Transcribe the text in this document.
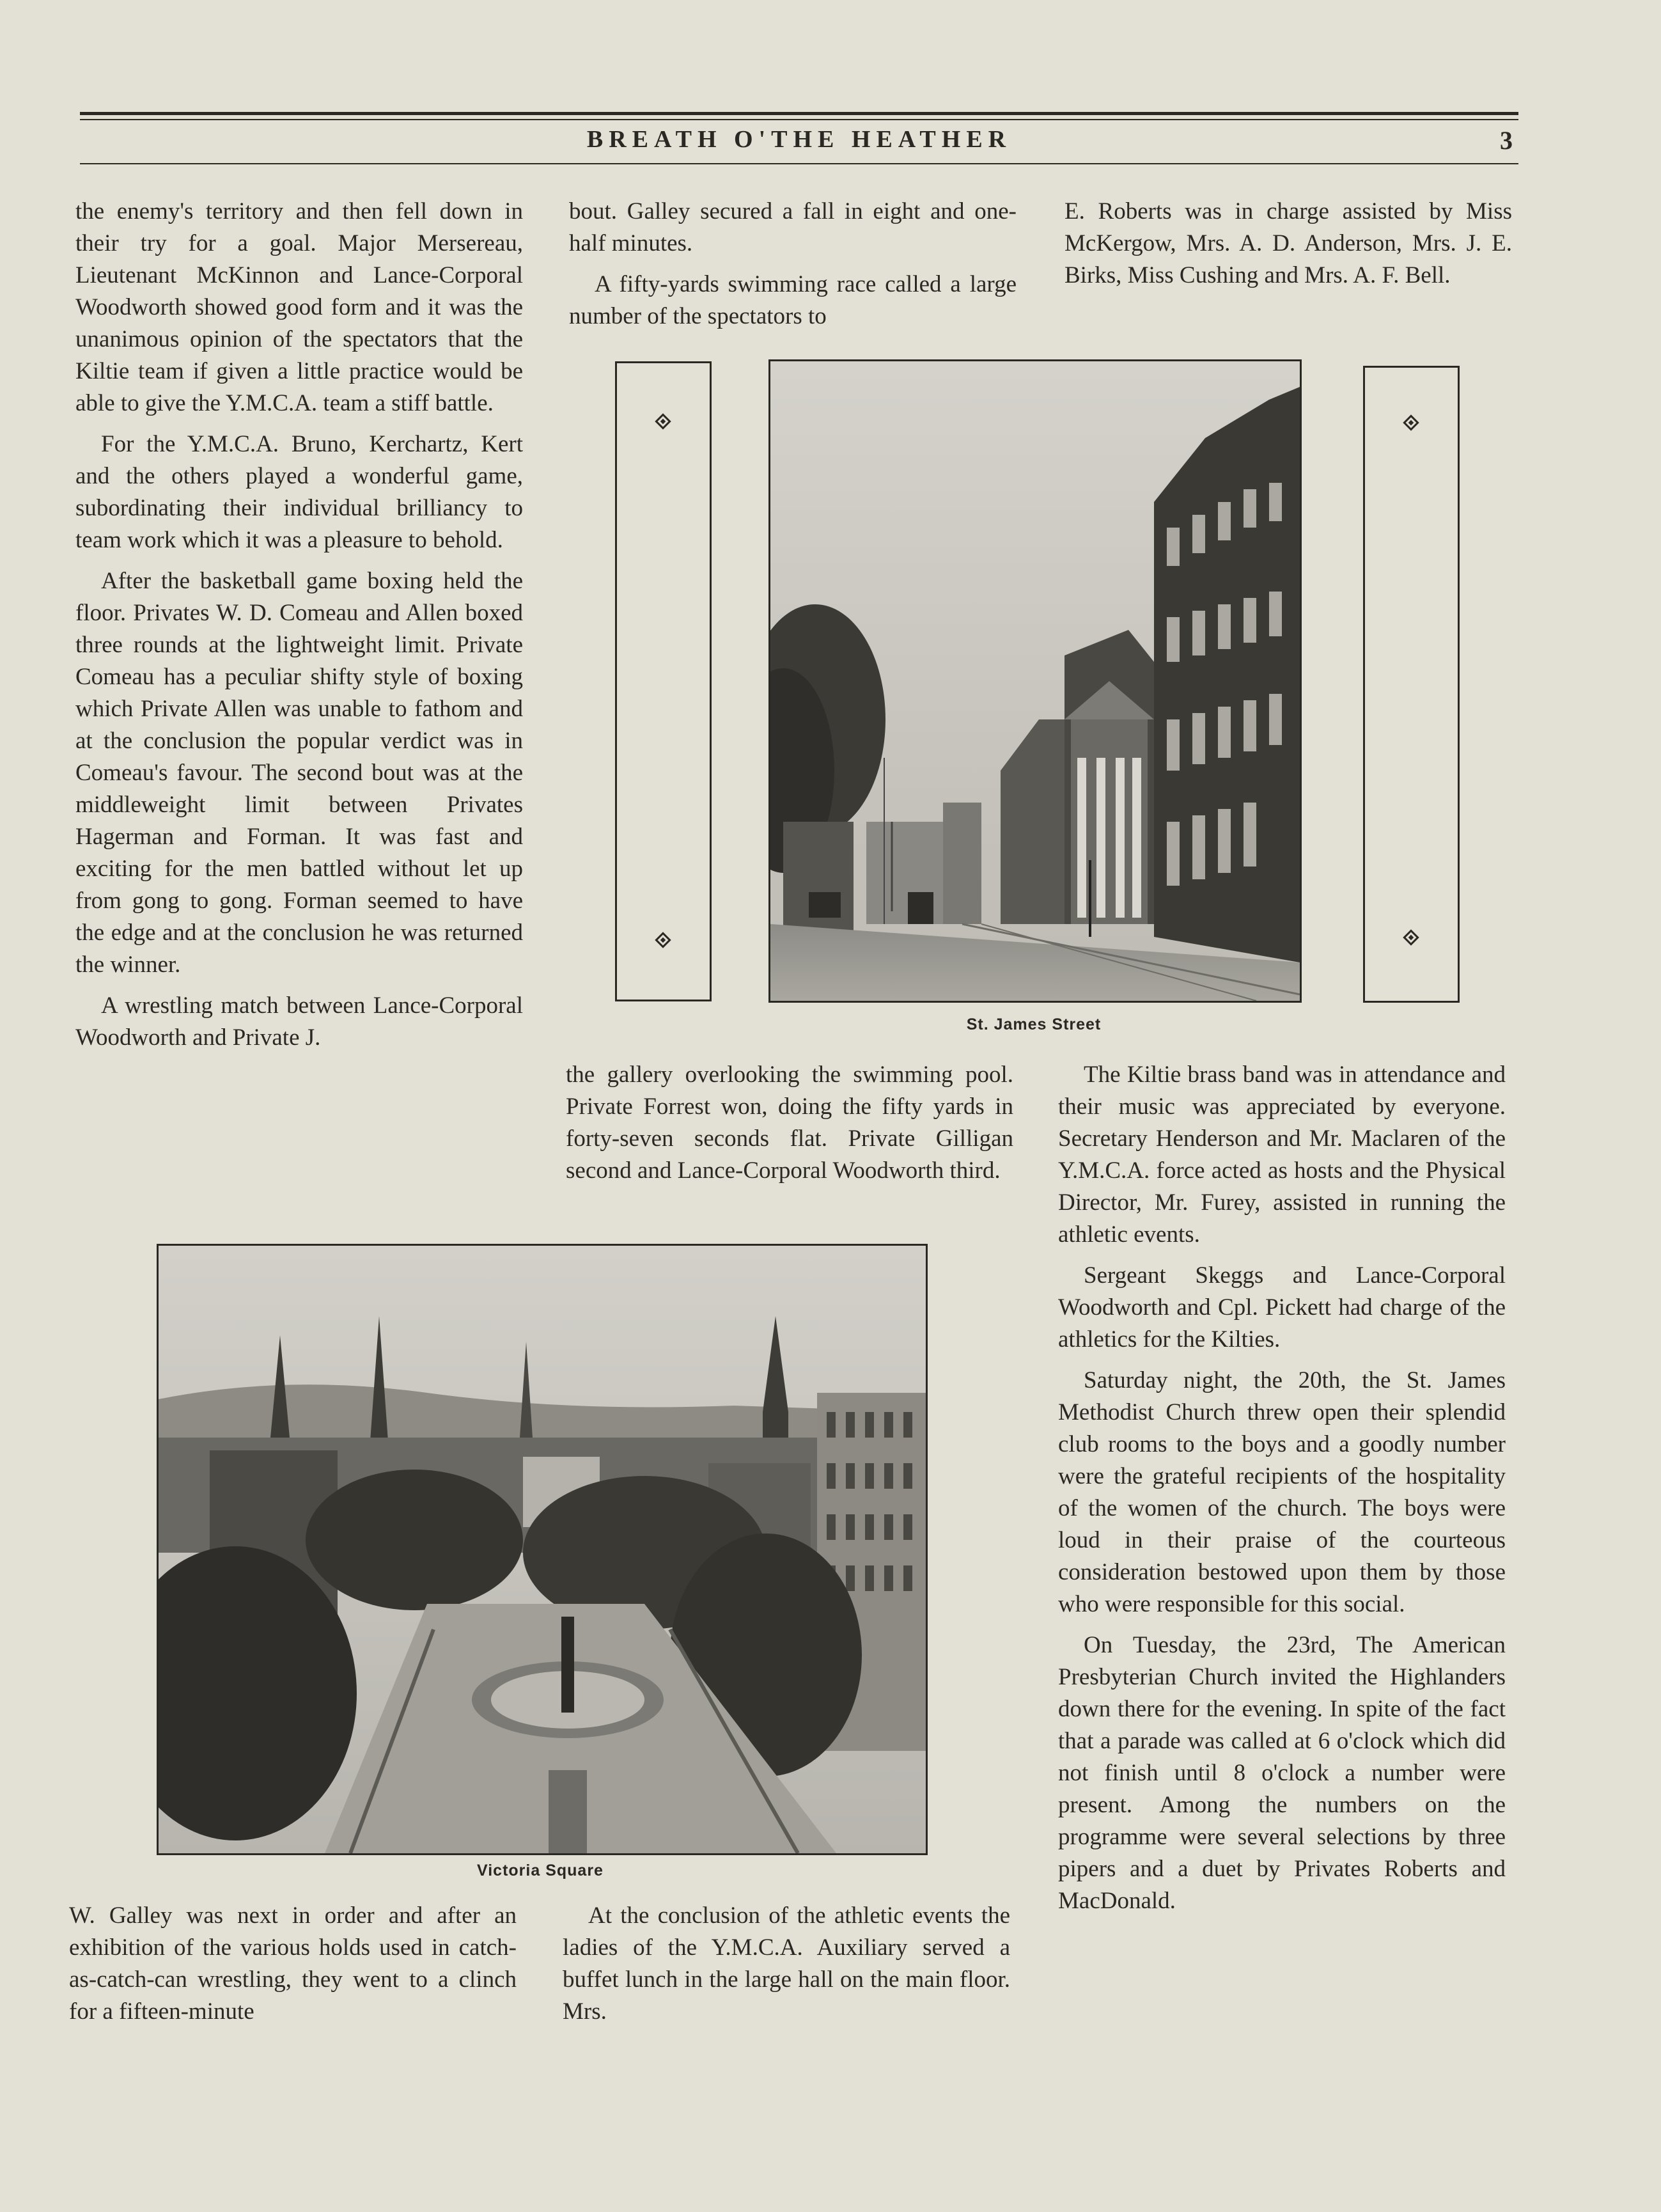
BREATH O'THE HEATHER	3

the enemy's territory and then fell down in their try for a goal. Major Mersereau, Lieutenant McKinnon and Lance-Corporal Woodworth showed good form and it was the unanimous opinion of the spectators that the Kiltie team if given a little practice would be able to give the Y.M.C.A. team a stiff battle.

For the Y.M.C.A. Bruno, Kerchartz, Kert and the others played a wonderful game, subordinating their individual brilliancy to team work which it was a pleasure to behold.

After the basketball game boxing held the floor. Privates W. D. Comeau and Allen boxed three rounds at the lightweight limit. Private Comeau has a peculiar shifty style of boxing which Private Allen was unable to fathom and at the conclusion the popular verdict was in Comeau's favour. The second bout was at the middleweight limit between Privates Hagerman and Forman. It was fast and exciting for the men battled without let up from gong to gong. Forman seemed to have the edge and at the conclusion he was returned the winner.

A wrestling match between Lance-Corporal Woodworth and Private J.

bout. Galley secured a fall in eight and one-half minutes.

A fifty-yards swimming race called a large number of the spectators to

E. Roberts was in charge assisted by Miss McKergow, Mrs. A. D. Anderson, Mrs. J. E. Birks, Miss Cushing and Mrs. A. F. Bell.

St. James Street

the gallery overlooking the swimming pool. Private Forrest won, doing the fifty yards in forty-seven seconds flat. Private Gilligan second and Lance-Corporal Woodworth third.

The Kiltie brass band was in attendance and their music was appreciated by everyone. Secretary Henderson and Mr. Maclaren of the Y.M.C.A. force acted as hosts and the Physical Director, Mr. Furey, assisted in running the athletic events.

Sergeant Skeggs and Lance-Corporal Woodworth and Cpl. Pickett had charge of the athletics for the Kilties.

Saturday night, the 20th, the St. James Methodist Church threw open their splendid club rooms to the boys and a goodly number were the grateful recipients of the hospitality of the women of the church. The boys were loud in their praise of the courteous consideration bestowed upon them by those who were responsible for this social.

On Tuesday, the 23rd, The American Presbyterian Church invited the Highlanders down there for the evening. In spite of the fact that a parade was called at 6 o'clock which did not finish until 8 o'clock a number were present. Among the numbers on the programme were several selections by three pipers and a duet by Privates Roberts and MacDonald.

Victoria Square

W. Galley was next in order and after an exhibition of the various holds used in catch-as-catch-can wrestling, they went to a clinch for a fifteen-minute

At the conclusion of the athletic events the ladies of the Y.M.C.A. Auxiliary served a buffet lunch in the large hall on the main floor. Mrs.
